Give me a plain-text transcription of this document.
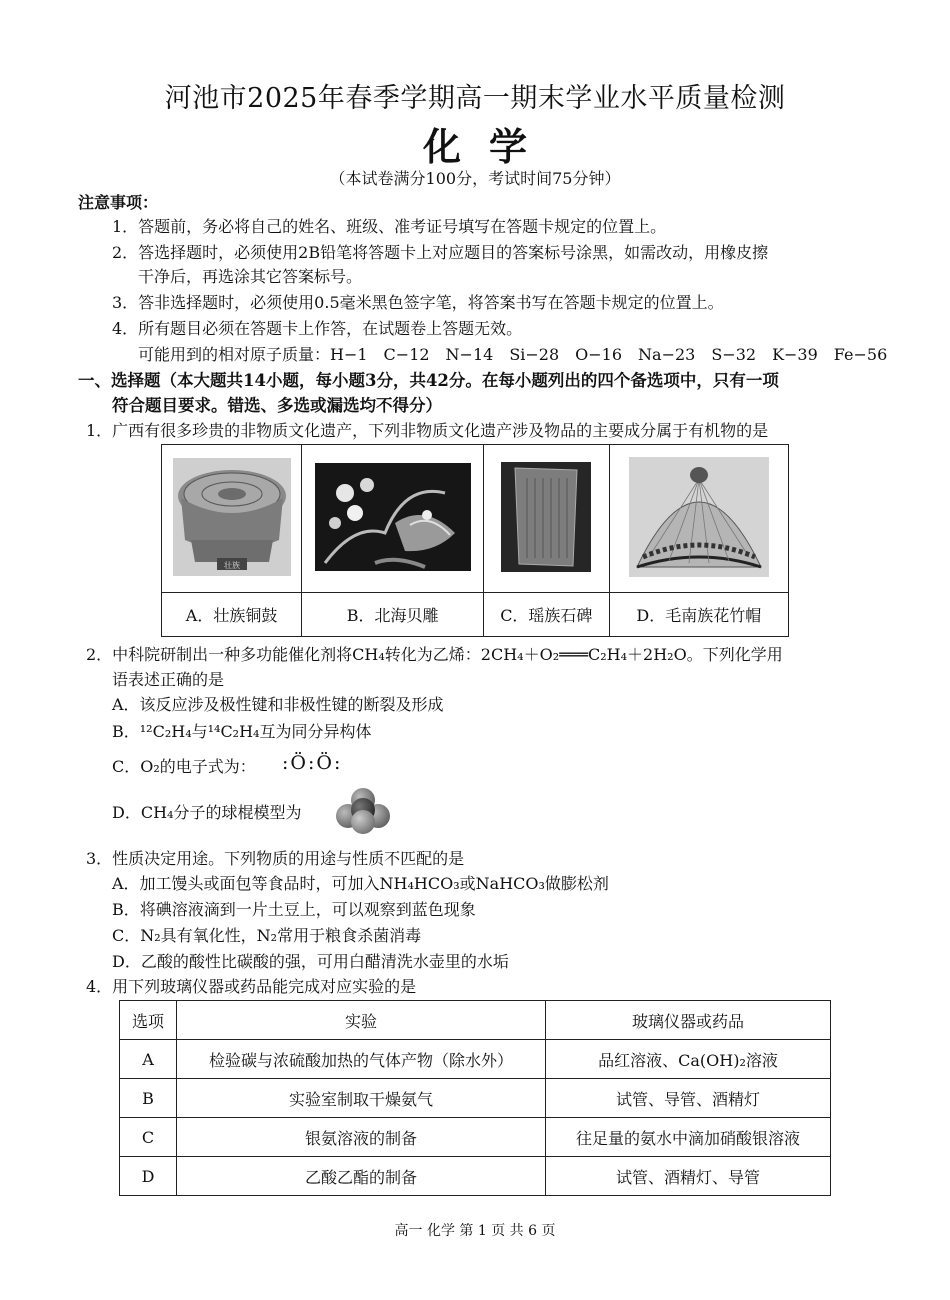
河池市2025年春季学期高一期末学业水平质量检测
化学
（本试卷满分100分，考试时间75分钟）
注意事项：
1．答题前，务必将自己的姓名、班级、准考证号填写在答题卡规定的位置上。
2．答选择题时，必须使用2B铅笔将答题卡上对应题目的答案标号涂黑，如需改动，用橡皮擦
干净后，再选涂其它答案标号。
3．答非选择题时，必须使用0.5毫米黑色签字笔，将答案书写在答题卡规定的位置上。
4．所有题目必须在答题卡上作答，在试题卷上答题无效。
可能用到的相对原子质量：H−1　C−12　N−14　Si−28　O−16　Na−23　S−32　K−39　Fe−56
一、选择题（本大题共14小题，每小题3分，共42分。在每小题列出的四个备选项中，只有一项
符合题目要求。错选、多选或漏选均不得分）
1．广西有很多珍贵的非物质文化遗产，下列非物质文化遗产涉及物品的主要成分属于有机物的是
壮族

A．壮族铜鼓	B．北海贝雕	C．瑶族石碑	D．毛南族花竹帽
2．中科院研制出一种多功能催化剂将CH₄转化为乙烯：2CH₄＋O₂═══C₂H₄＋2H₂O。下列化学用
语表述正确的是
A．该反应涉及极性键和非极性键的断裂及形成
B．¹²C₂H₄与¹⁴C₂H₄互为同分异构体
C．O₂的电子式为： :Ö:Ö:
D．CH₄分子的球棍模型为
3．性质决定用途。下列物质的用途与性质不匹配的是
A．加工馒头或面包等食品时，可加入NH₄HCO₃或NaHCO₃做膨松剂
B．将碘溶液滴到一片土豆上，可以观察到蓝色现象
C．N₂具有氧化性，N₂常用于粮食杀菌消毒
D．乙酸的酸性比碳酸的强，可用白醋清洗水壶里的水垢
4．用下列玻璃仪器或药品能完成对应实验的是
选项	实验	玻璃仪器或药品
A	检验碳与浓硫酸加热的气体产物（除水外）	品红溶液、Ca(OH)₂溶液
B	实验室制取干燥氨气	试管、导管、酒精灯
C	银氨溶液的制备	往足量的氨水中滴加硝酸银溶液
D	乙酸乙酯的制备	试管、酒精灯、导管
高一 化学 第 1 页 共 6 页
